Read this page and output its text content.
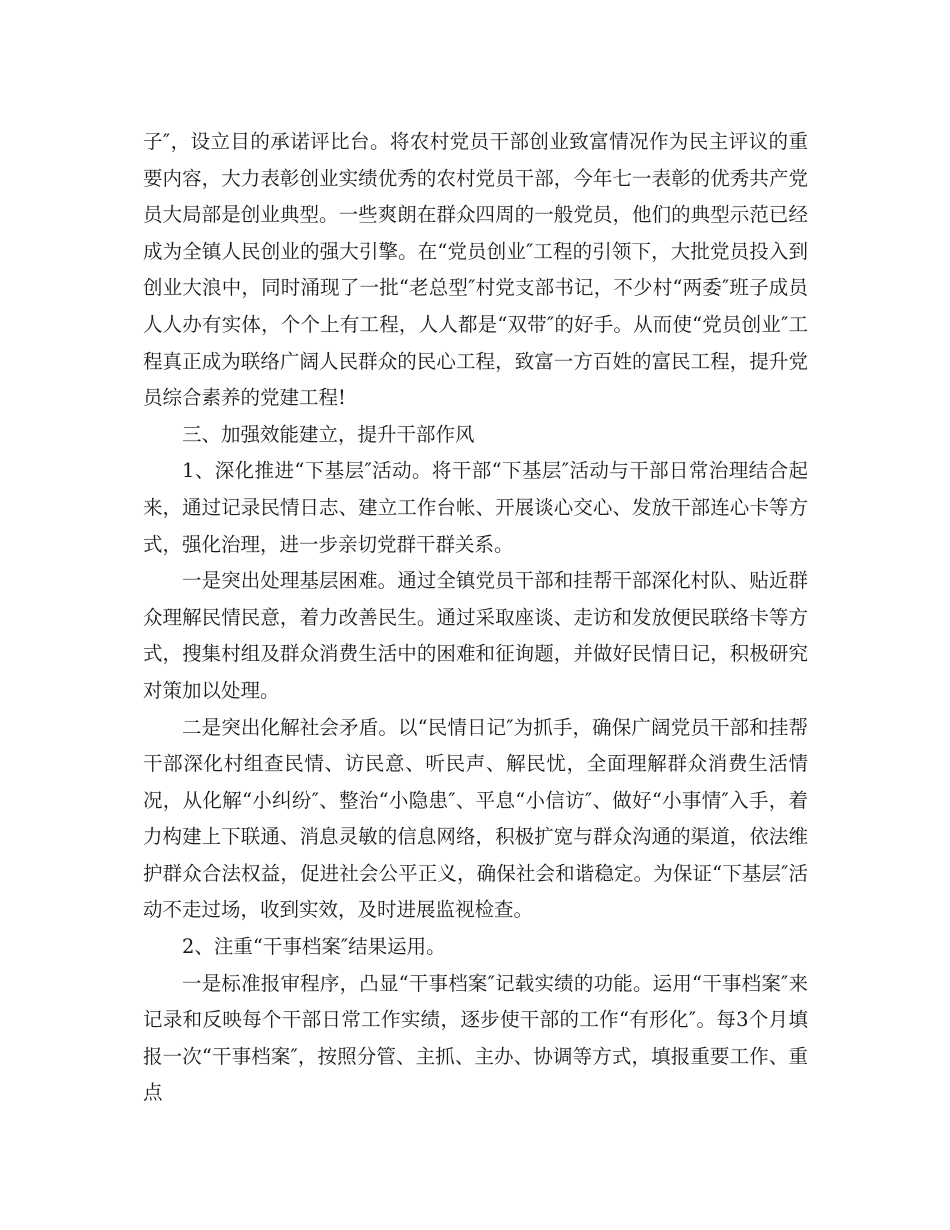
子″，设立目的承诺评比台。将农村党员干部创业致富情况作为民主评议的重要内容，大力表彰创业实绩优秀的农村党员干部，今年七一表彰的优秀共产党员大局部是创业典型。一些爽朗在群众四周的一般党员，他们的典型示范已经成为全镇人民创业的强大引擎。在“党员创业″工程的引领下，大批党员投入到创业大浪中，同时涌现了一批“老总型″村党支部书记，不少村“两委″班子成员人人办有实体，个个上有工程，人人都是“双带″的好手。从而使“党员创业″工程真正成为联络广阔人民群众的民心工程，致富一方百姓的富民工程，提升党员综合素养的党建工程!

三、加强效能建立，提升干部作风

1、深化推进“下基层″活动。将干部“下基层″活动与干部日常治理结合起来，通过记录民情日志、建立工作台帐、开展谈心交心、发放干部连心卡等方式，强化治理，进一步亲切党群干群关系。

一是突出处理基层困难。通过全镇党员干部和挂帮干部深化村队、贴近群众理解民情民意，着力改善民生。通过采取座谈、走访和发放便民联络卡等方式，搜集村组及群众消费生活中的困难和征询题，并做好民情日记，积极研究对策加以处理。

二是突出化解社会矛盾。以“民情日记″为抓手，确保广阔党员干部和挂帮干部深化村组查民情、访民意、听民声、解民忧，全面理解群众消费生活情况，从化解“小纠纷″、整治“小隐患″、平息“小信访″、做好“小事情″入手，着力构建上下联通、消息灵敏的信息网络，积极扩宽与群众沟通的渠道，依法维护群众合法权益，促进社会公平正义，确保社会和谐稳定。为保证“下基层″活动不走过场，收到实效，及时进展监视检查。

2、注重“干事档案″结果运用。

一是标准报审程序，凸显“干事档案″记载实绩的功能。运用“干事档案″来记录和反映每个干部日常工作实绩，逐步使干部的工作“有形化″。每3个月填报一次“干事档案″，按照分管、主抓、主办、协调等方式，填报重要工作、重点
